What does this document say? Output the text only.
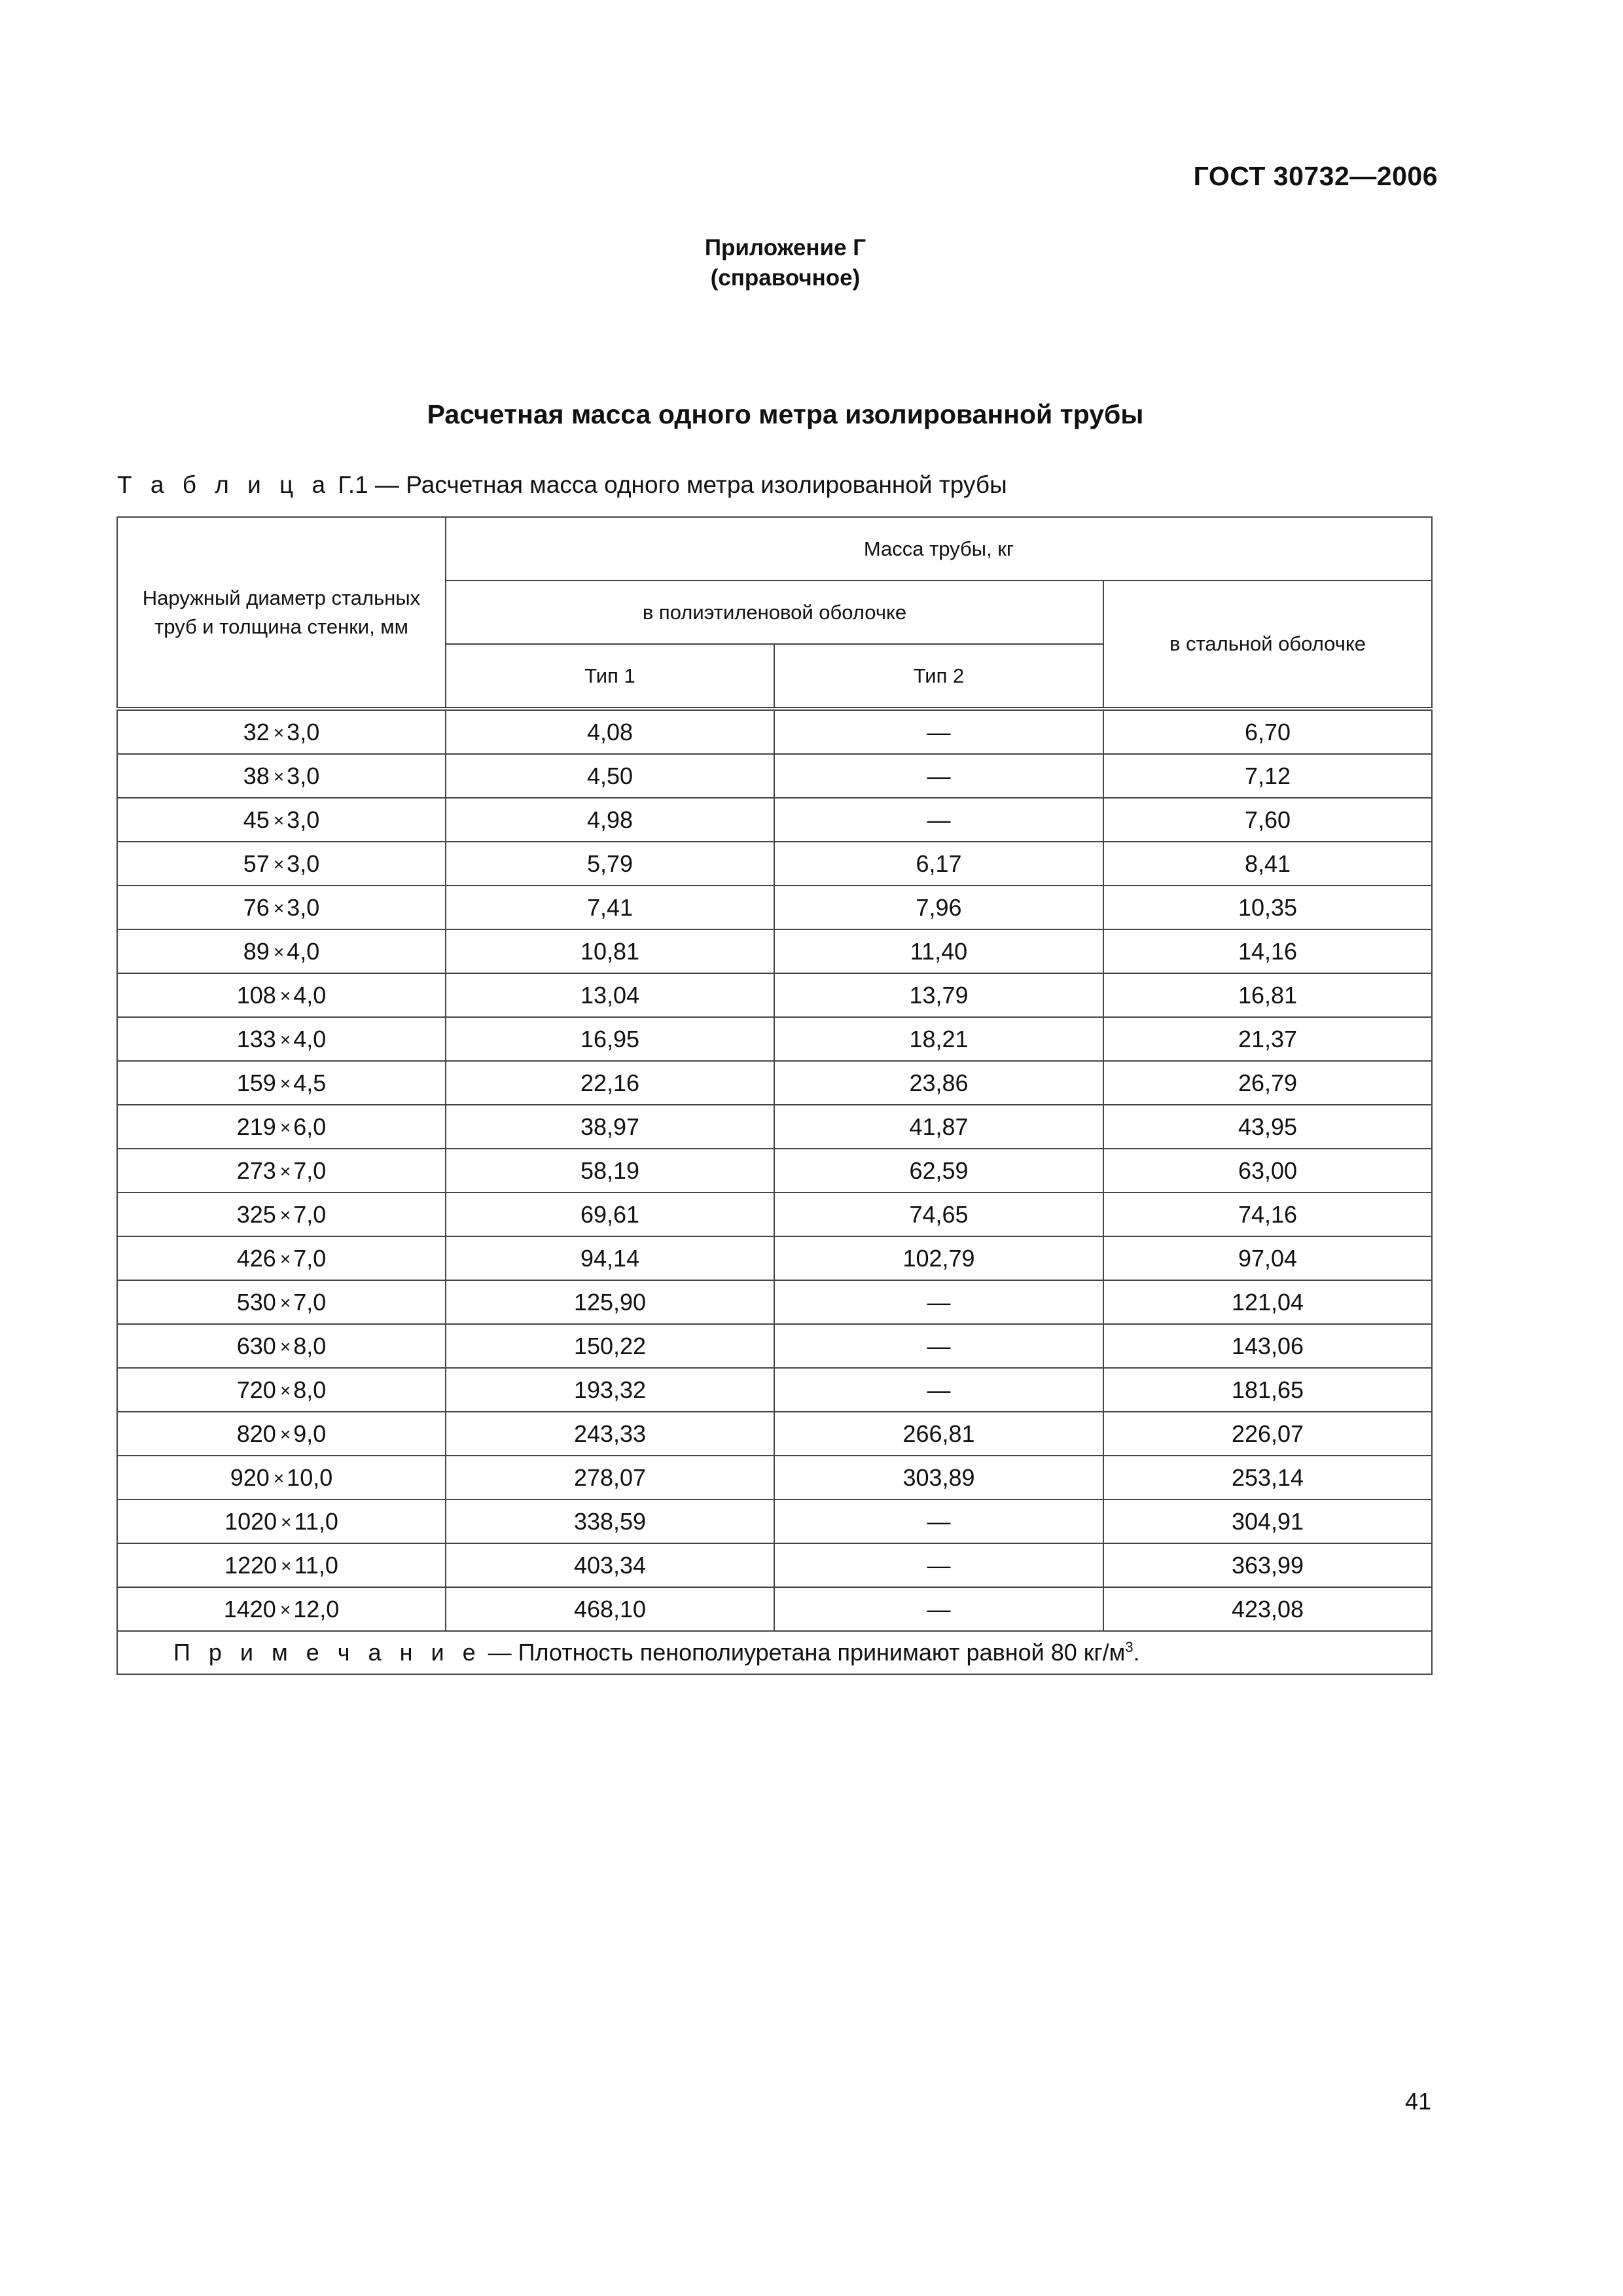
ГОСТ 30732—2006
Приложение Г
(справочное)
Расчетная масса одного метра изолированной трубы
Т а б л и ц а Г.1 — Расчетная масса одного метра изолированной трубы
Наружный диаметр стальных труб и толщина стенки, мм	Масса трубы, кг		
	в полиэтиленовой оболочке		в стальной оболочке
	Тип 1	Тип 2	
32 × 3,0	4,08	—	6,70
38 × 3,0	4,50	—	7,12
45 × 3,0	4,98	—	7,60
57 × 3,0	5,79	6,17	8,41
76 × 3,0	7,41	7,96	10,35
89 × 4,0	10,81	11,40	14,16
108 × 4,0	13,04	13,79	16,81
133 × 4,0	16,95	18,21	21,37
159 × 4,5	22,16	23,86	26,79
219 × 6,0	38,97	41,87	43,95
273 × 7,0	58,19	62,59	63,00
325 × 7,0	69,61	74,65	74,16
426 × 7,0	94,14	102,79	97,04
530 × 7,0	125,90	—	121,04
630 × 8,0	150,22	—	143,06
720 × 8,0	193,32	—	181,65
820 × 9,0	243,33	266,81	226,07
920 × 10,0	278,07	303,89	253,14
1020 × 11,0	338,59	—	304,91
1220 × 11,0	403,34	—	363,99
1420 × 12,0	468,10	—	423,08
П р и м е ч а н и е — Плотность пенополиуретана принимают равной 80 $кг/м^3$.			
41
